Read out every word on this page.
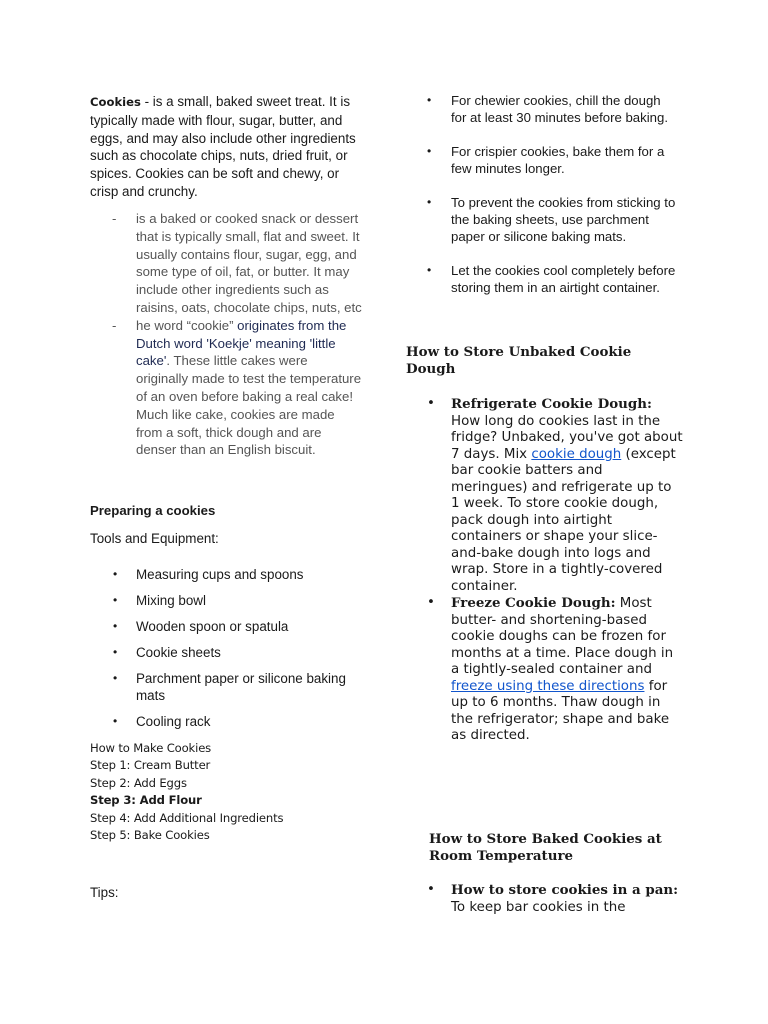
Cookies - is a small, baked sweet treat. It is typically made with flour, sugar, butter, and eggs, and may also include other ingredients such as chocolate chips, nuts, dried fruit, or spices. Cookies can be soft and chewy, or crisp and crunchy.

- is a baked or cooked snack or dessert that is typically small, flat and sweet. It usually contains flour, sugar, egg, and some type of oil, fat, or butter. It may include other ingredients such as raisins, oats, chocolate chips, nuts, etc
- he word “cookie” originates from the Dutch word 'Koekje' meaning 'little cake'. These little cakes were originally made to test the temperature of an oven before baking a real cake! Much like cake, cookies are made from a soft, thick dough and are denser than an English biscuit.

Preparing a cookies

Tools and Equipment:

• Measuring cups and spoons
• Mixing bowl
• Wooden spoon or spatula
• Cookie sheets
• Parchment paper or silicone baking mats
• Cooling rack
How to Make Cookies
Step 1: Cream Butter
Step 2: Add Eggs
Step 3: Add Flour
Step 4: Add Additional Ingredients
Step 5: Bake Cookies

Tips:

• For chewier cookies, chill the dough for at least 30 minutes before baking.
• For crispier cookies, bake them for a few minutes longer.
• To prevent the cookies from sticking to the baking sheets, use parchment paper or silicone baking mats.
• Let the cookies cool completely before storing them in an airtight container.
How to Store Unbaked Cookie Dough
• Refrigerate Cookie Dough: How long do cookies last in the fridge? Unbaked, you've got about 7 days. Mix cookie dough (except bar cookie batters and meringues) and refrigerate up to 1 week. To store cookie dough, pack dough into airtight containers or shape your slice-and-bake dough into logs and wrap. Store in a tightly-covered container.
• Freeze Cookie Dough: Most butter- and shortening-based cookie doughs can be frozen for months at a time. Place dough in a tightly-sealed container and freeze using these directions for up to 6 months. Thaw dough in the refrigerator; shape and bake as directed.
How to Store Baked Cookies at Room Temperature
• How to store cookies in a pan: To keep bar cookies in the
